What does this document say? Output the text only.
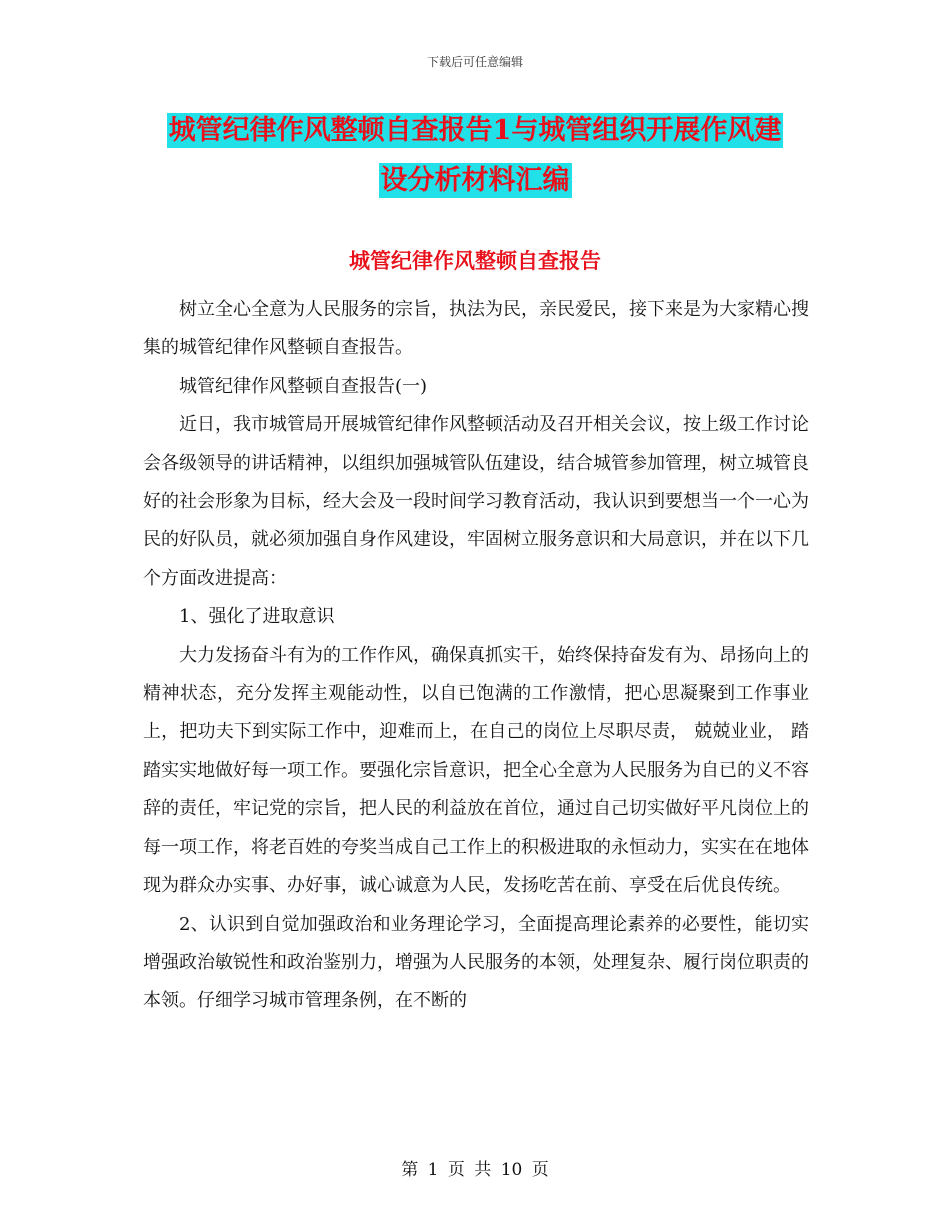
下载后可任意编辑
城管纪律作风整顿自查报告1与城管组织开展作风建
设分析材料汇编
城管纪律作风整顿自查报告

树立全心全意为人民服务的宗旨，执法为民，亲民爱民，接下来是为大家精心搜集的城管纪律作风整顿自查报告。

城管纪律作风整顿自查报告(一)

近日，我市城管局开展城管纪律作风整顿活动及召开相关会议，按上级工作讨论会各级领导的讲话精神，以组织加强城管队伍建设，结合城管参加管理，树立城管良好的社会形象为目标，经大会及一段时间学习教育活动，我认识到要想当一个一心为民的好队员，就必须加强自身作风建设，牢固树立服务意识和大局意识，并在以下几个方面改进提高：

1、强化了进取意识

大力发扬奋斗有为的工作作风，确保真抓实干，始终保持奋发有为、昂扬向上的精神状态，充分发挥主观能动性，以自已饱满的工作激情，把心思凝聚到工作事业上，把功夫下到实际工作中，迎难而上，在自己的岗位上尽职尽责， 兢兢业业， 踏踏实实地做好每一项工作。要强化宗旨意识，把全心全意为人民服务为自已的义不容辞的责任，牢记党的宗旨，把人民的利益放在首位，通过自己切实做好平凡岗位上的每一项工作，将老百姓的夸奖当成自己工作上的积极进取的永恒动力，实实在在地体现为群众办实事、办好事，诚心诚意为人民，发扬吃苦在前、享受在后优良传统。

2、认识到自觉加强政治和业务理论学习，全面提高理论素养的必要性，能切实增强政治敏锐性和政治鉴别力，增强为人民服务的本领，处理复杂、履行岗位职责的本领。仔细学习城市管理条例，在不断的

第 1 页 共 10 页
